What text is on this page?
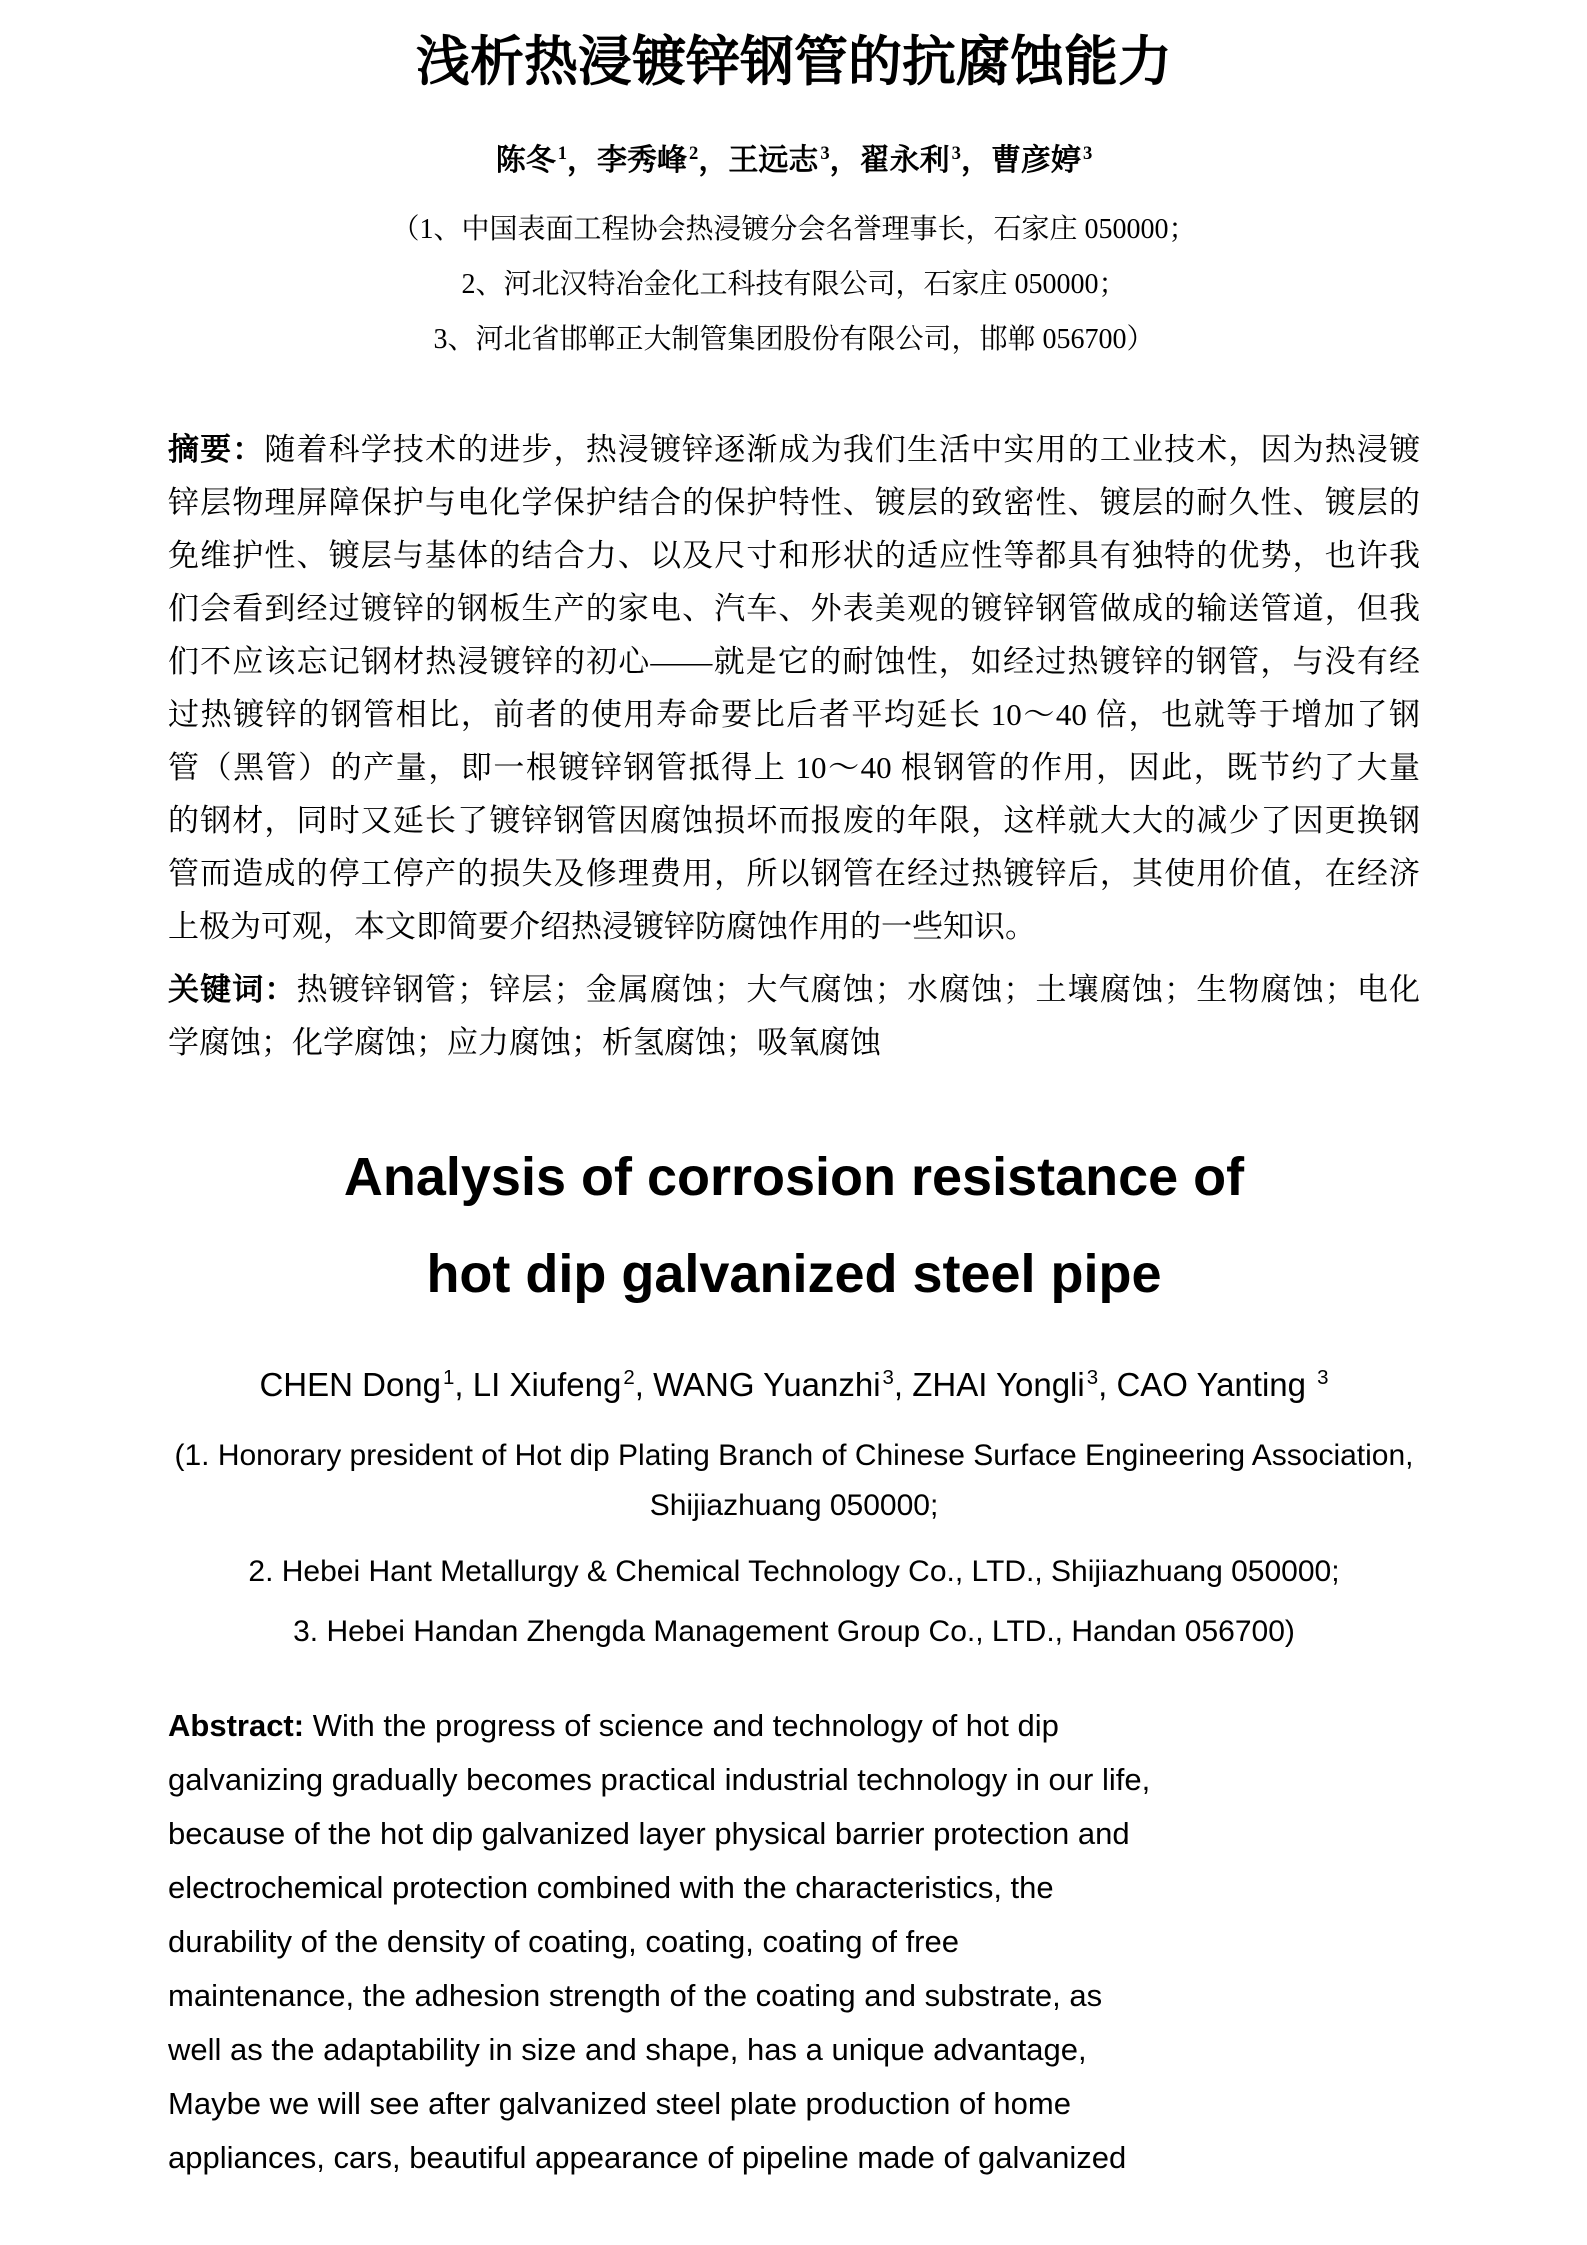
浅析热浸镀锌钢管的抗腐蚀能力
陈冬 $^1$，李秀峰 $^2$，王远志 $^3$，翟永利 $^3$，曹彦婷 $^3$
（1、中国表面工程协会热浸镀分会名誉理事长，石家庄 050000；
2、河北汉特冶金化工科技有限公司，石家庄 050000；
3、河北省邯郸正大制管集团股份有限公司，邯郸 056700）
摘要：随着科学技术的进步，热浸镀锌逐渐成为我们生活中实用的工业技术，因为热浸镀
锌层物理屏障保护与电化学保护结合的保护特性、镀层的致密性、镀层的耐久性、镀层的
免维护性、镀层与基体的结合力、以及尺寸和形状的适应性等都具有独特的优势，也许我
们会看到经过镀锌的钢板生产的家电、汽车、外表美观的镀锌钢管做成的输送管道，但我
们不应该忘记钢材热浸镀锌的初心——就是它的耐蚀性，如经过热镀锌的钢管，与没有经
过热镀锌的钢管相比，前者的使用寿命要比后者平均延长 10～40 倍，也就等于增加了钢
管（黑管）的产量，即一根镀锌钢管抵得上 10～40 根钢管的作用，因此，既节约了大量
的钢材，同时又延长了镀锌钢管因腐蚀损坏而报废的年限，这样就大大的减少了因更换钢
管而造成的停工停产的损失及修理费用，所以钢管在经过热镀锌后，其使用价值，在经济
上极为可观，本文即简要介绍热浸镀锌防腐蚀作用的一些知识。
关键词：热镀锌钢管；锌层；金属腐蚀；大气腐蚀；水腐蚀；土壤腐蚀；生物腐蚀；电化
学腐蚀；化学腐蚀；应力腐蚀；析氢腐蚀；吸氧腐蚀
Analysis of corrosion resistance of
hot dip galvanized steel pipe
CHEN Dong$^1$, LI Xiufeng$^2$, WANG Yuanzhi$^3$, ZHAI Yongli$^3$, CAO Yanting $^3$
(1. Honorary president of Hot dip Plating Branch of Chinese Surface Engineering Association, Shijiazhuang 050000;
2. Hebei Hant Metallurgy & Chemical Technology Co., LTD., Shijiazhuang 050000;
3. Hebei Handan Zhengda Management Group Co., LTD., Handan 056700)
Abstract: With the progress of science and technology of hot dip
galvanizing gradually becomes practical industrial technology in our life,
because of the hot dip galvanized layer physical barrier protection and
electrochemical protection combined with the characteristics, the
durability of the density of coating, coating, coating of free
maintenance, the adhesion strength of the coating and substrate, as
well as the adaptability in size and shape, has a unique advantage,
Maybe we will see after galvanized steel plate production of home
appliances, cars, beautiful appearance of pipeline made of galvanized
